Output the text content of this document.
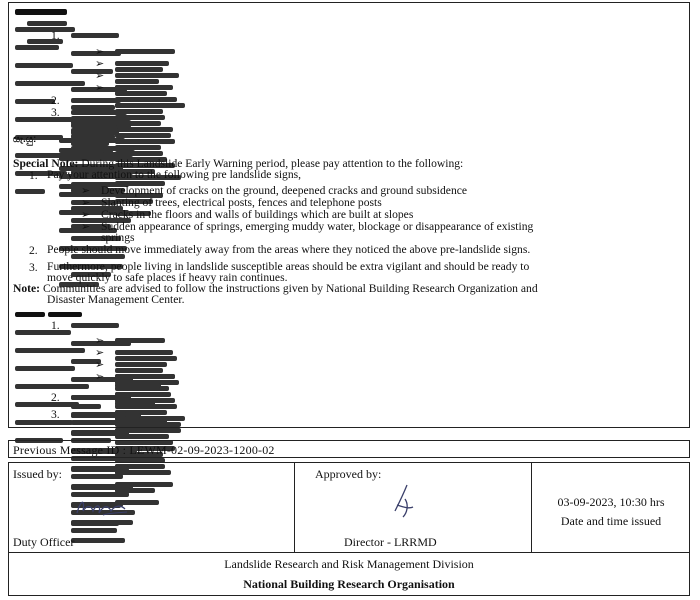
1.
➢
➢
➢
➢
2.
3.
සැ.යු:
Special Note: During this Landslide Early Warning period, please pay attention to the following:
1. Pay your attention to the following pre landslide signs,
➢ Development of cracks on the ground, deepened cracks and ground subsidence
➢ Slanting of trees, electrical posts, fences and telephone posts
➢ Cracks in the floors and walls of buildings which are built at slopes
➢ Sudden appearance of springs, emerging muddy water, blockage or disappearance of existing
springs
2. People should move immediately away from the areas where they noticed the above pre-landslide signs.
3. Furthermore, people living in landslide susceptible areas should be extra vigilant and should be ready to
move quickly to safe places if heavy rain continues.
Note: Communities are advised to follow the instructions given by National Building Research Organization and
Disaster Management Center.
1.
➢
➢
➢
➢
2.
3.
Previous Message ID : LEWM-02-09-2023-1200-02
Issued by:
Duty Officer
Approved by:
Director - LRRMD
03-09-2023, 10:30 hrs
Date and time issued
Landslide Research and Risk Management Division
National Building Research Organisation
